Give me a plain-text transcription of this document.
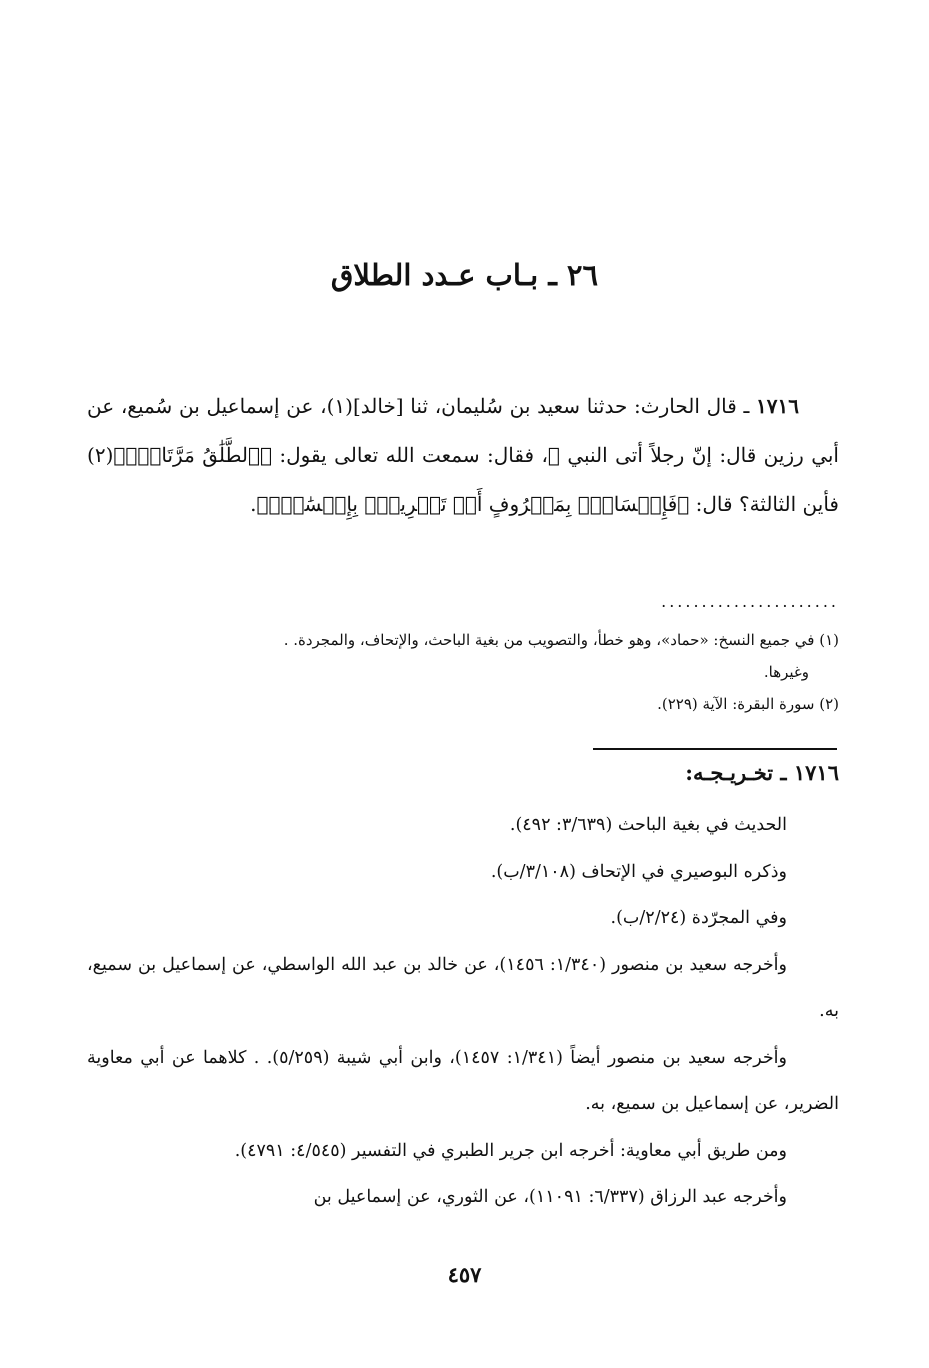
٢٦ ـ بـاب عـدد الطلاق
١٧١٦ ـ قال الحارث: حدثنا سعيد بن سُليمان، ثنا [خالد](١)، عن إسماعيل بن سُميع، عن أبي رزين قال: إنّ رجلاً أتى النبي ﷺ، فقال: سمعت الله تعالى يقول: ﴿ٱلطَّلَٰقُ مَرَّتَانِۖ﴾(٢) فأين الثالثة؟ قال: ﴿فَإِمۡسَاكُۢ بِمَعۡرُوفٍ أَوۡ تَسۡرِيحُۢ بِإِحۡسَٰنٖۗ﴾.
......................

(١) في جميع النسخ: «حماد»، وهو خطأ، والتصويب من بغية الباحث، والإتحاف، والمجردة. .

وغيرها.

(٢) سورة البقرة: الآية (٢٢٩).

١٧١٦ ـ تخـريـجـه:

الحديث في بغية الباحث (٣/٦٣٩: ٤٩٢).

وذكره البوصيري في الإتحاف (٣/١٠٨/ب).

وفي المجرّدة (٢/٢٤/ب).

وأخرجه سعيد بن منصور (١/٣٤٠: ١٤٥٦)، عن خالد بن عبد الله الواسطي، عن إسماعيل بن سميع، به.

وأخرجه سعيد بن منصور أيضاً (١/٣٤١: ١٤٥٧)، وابن أبي شيبة (٥/٢٥٩). . كلاهما عن أبي معاوية الضرير، عن إسماعيل بن سميع، به.

ومن طريق أبي معاوية: أخرجه ابن جرير الطبري في التفسير (٤/٥٤٥: ٤٧٩١).

وأخرجه عبد الرزاق (٦/٣٣٧: ١١٠٩١)، عن الثوري، عن إسماعيل بن

٤٥٧
